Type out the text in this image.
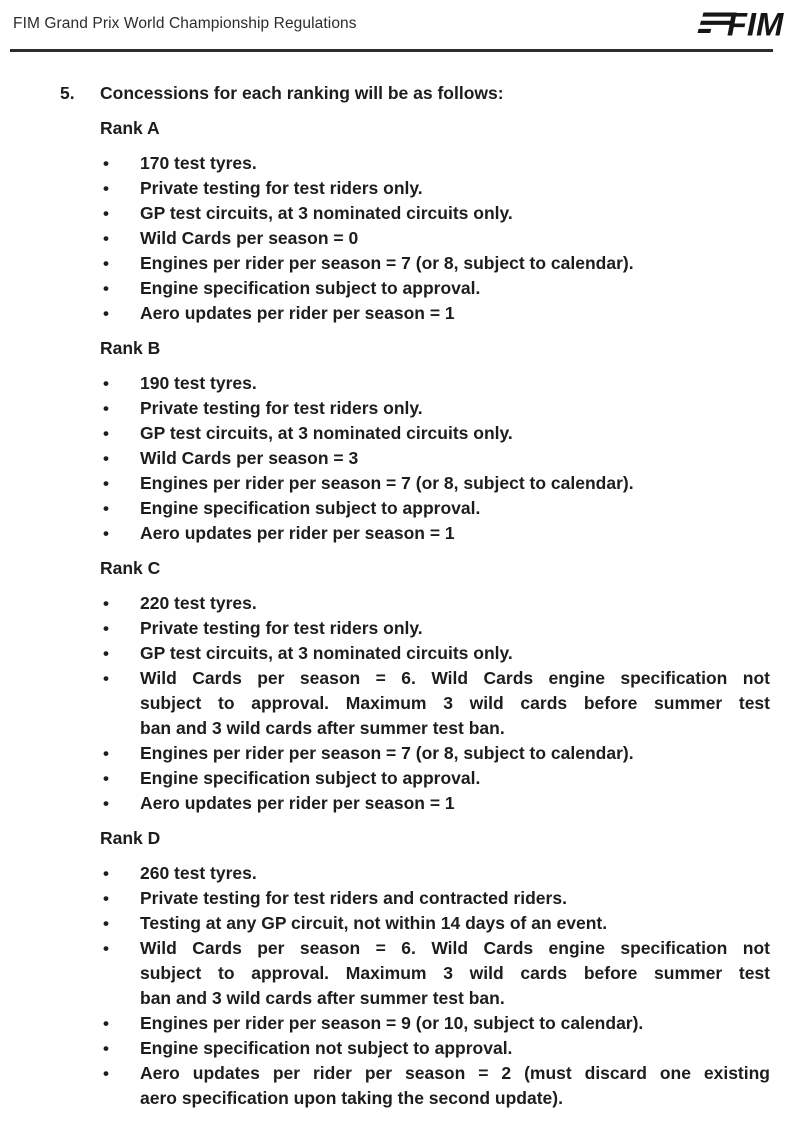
FIM Grand Prix World Championship Regulations	FIM
5. Concessions for each ranking will be as follows:
Rank A
• 170 test tyres.
• Private testing for test riders only.
• GP test circuits, at 3 nominated circuits only.
• Wild Cards per season = 0
• Engines per rider per season = 7 (or 8, subject to calendar).
• Engine specification subject to approval.
• Aero updates per rider per season = 1
Rank B
• 190 test tyres.
• Private testing for test riders only.
• GP test circuits, at 3 nominated circuits only.
• Wild Cards per season = 3
• Engines per rider per season = 7 (or 8, subject to calendar).
• Engine specification subject to approval.
• Aero updates per rider per season = 1
Rank C
• 220 test tyres.
• Private testing for test riders only.
• GP test circuits, at 3 nominated circuits only.
• Wild Cards per season = 6. Wild Cards engine specification not
subject to approval. Maximum 3 wild cards before summer test
ban and 3 wild cards after summer test ban.
• Engines per rider per season = 7 (or 8, subject to calendar).
• Engine specification subject to approval.
• Aero updates per rider per season = 1
Rank D
• 260 test tyres.
• Private testing for test riders and contracted riders.
• Testing at any GP circuit, not within 14 days of an event.
• Wild Cards per season = 6. Wild Cards engine specification not
subject to approval. Maximum 3 wild cards before summer test
ban and 3 wild cards after summer test ban.
• Engines per rider per season = 9 (or 10, subject to calendar).
• Engine specification not subject to approval.
• Aero updates per rider per season = 2 (must discard one existing
aero specification upon taking the second update).
